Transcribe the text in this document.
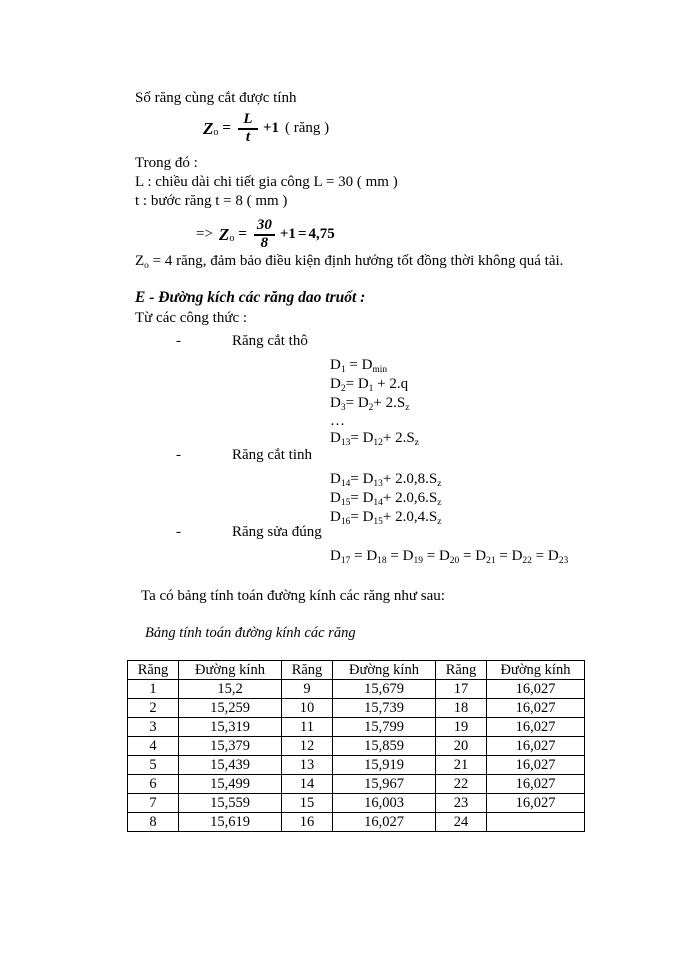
Số răng cùng cắt được tính
Z $o = \frac{L}{t} +1$ ( răng )
Trong đó :
L : chiều dài chi tiết gia công L = 30 ( mm )
t : bước răng t = 8 ( mm )
=> Z $o = \frac{30}{8} +1 = 4,75$
$Z_o = 4$ răng, đảm bảo điều kiện định hướng tốt đồng thời không quá tải.
E - Đường kích các răng dao truốt :
Từ các công thức :
-	Răng cắt thô
$D_1 = D_{min}$
$D_2= D_1 + 2.q$
$D_3= D_2+ 2.S_z$
…
$D_{13}= D_{12}+ 2.S_z$
-	Răng cắt tinh
$D_{14}= D_{13}+ 2.0,8.S_z$
$D_{15}= D_{14}+ 2.0,6.S_z$
$D_{16}= D_{15}+ 2.0,4.S_z$
-	Răng sửa đúng
$D_{17} = D_{18} = D_{19} = D_{20} = D_{21} = D_{22} = D_{23}$
Ta có bảng tính toán đường kính các răng như sau:
Bảng tính toán đường kính các răng
Răng	Đường kính	Răng	Đường kính	Răng	Đường kính
1	15,2	9	15,679	17	16,027
2	15,259	10	15,739	18	16,027
3	15,319	11	15,799	19	16,027
4	15,379	12	15,859	20	16,027
5	15,439	13	15,919	21	16,027
6	15,499	14	15,967	22	16,027
7	15,559	15	16,003	23	16,027
8	15,619	16	16,027	24	
